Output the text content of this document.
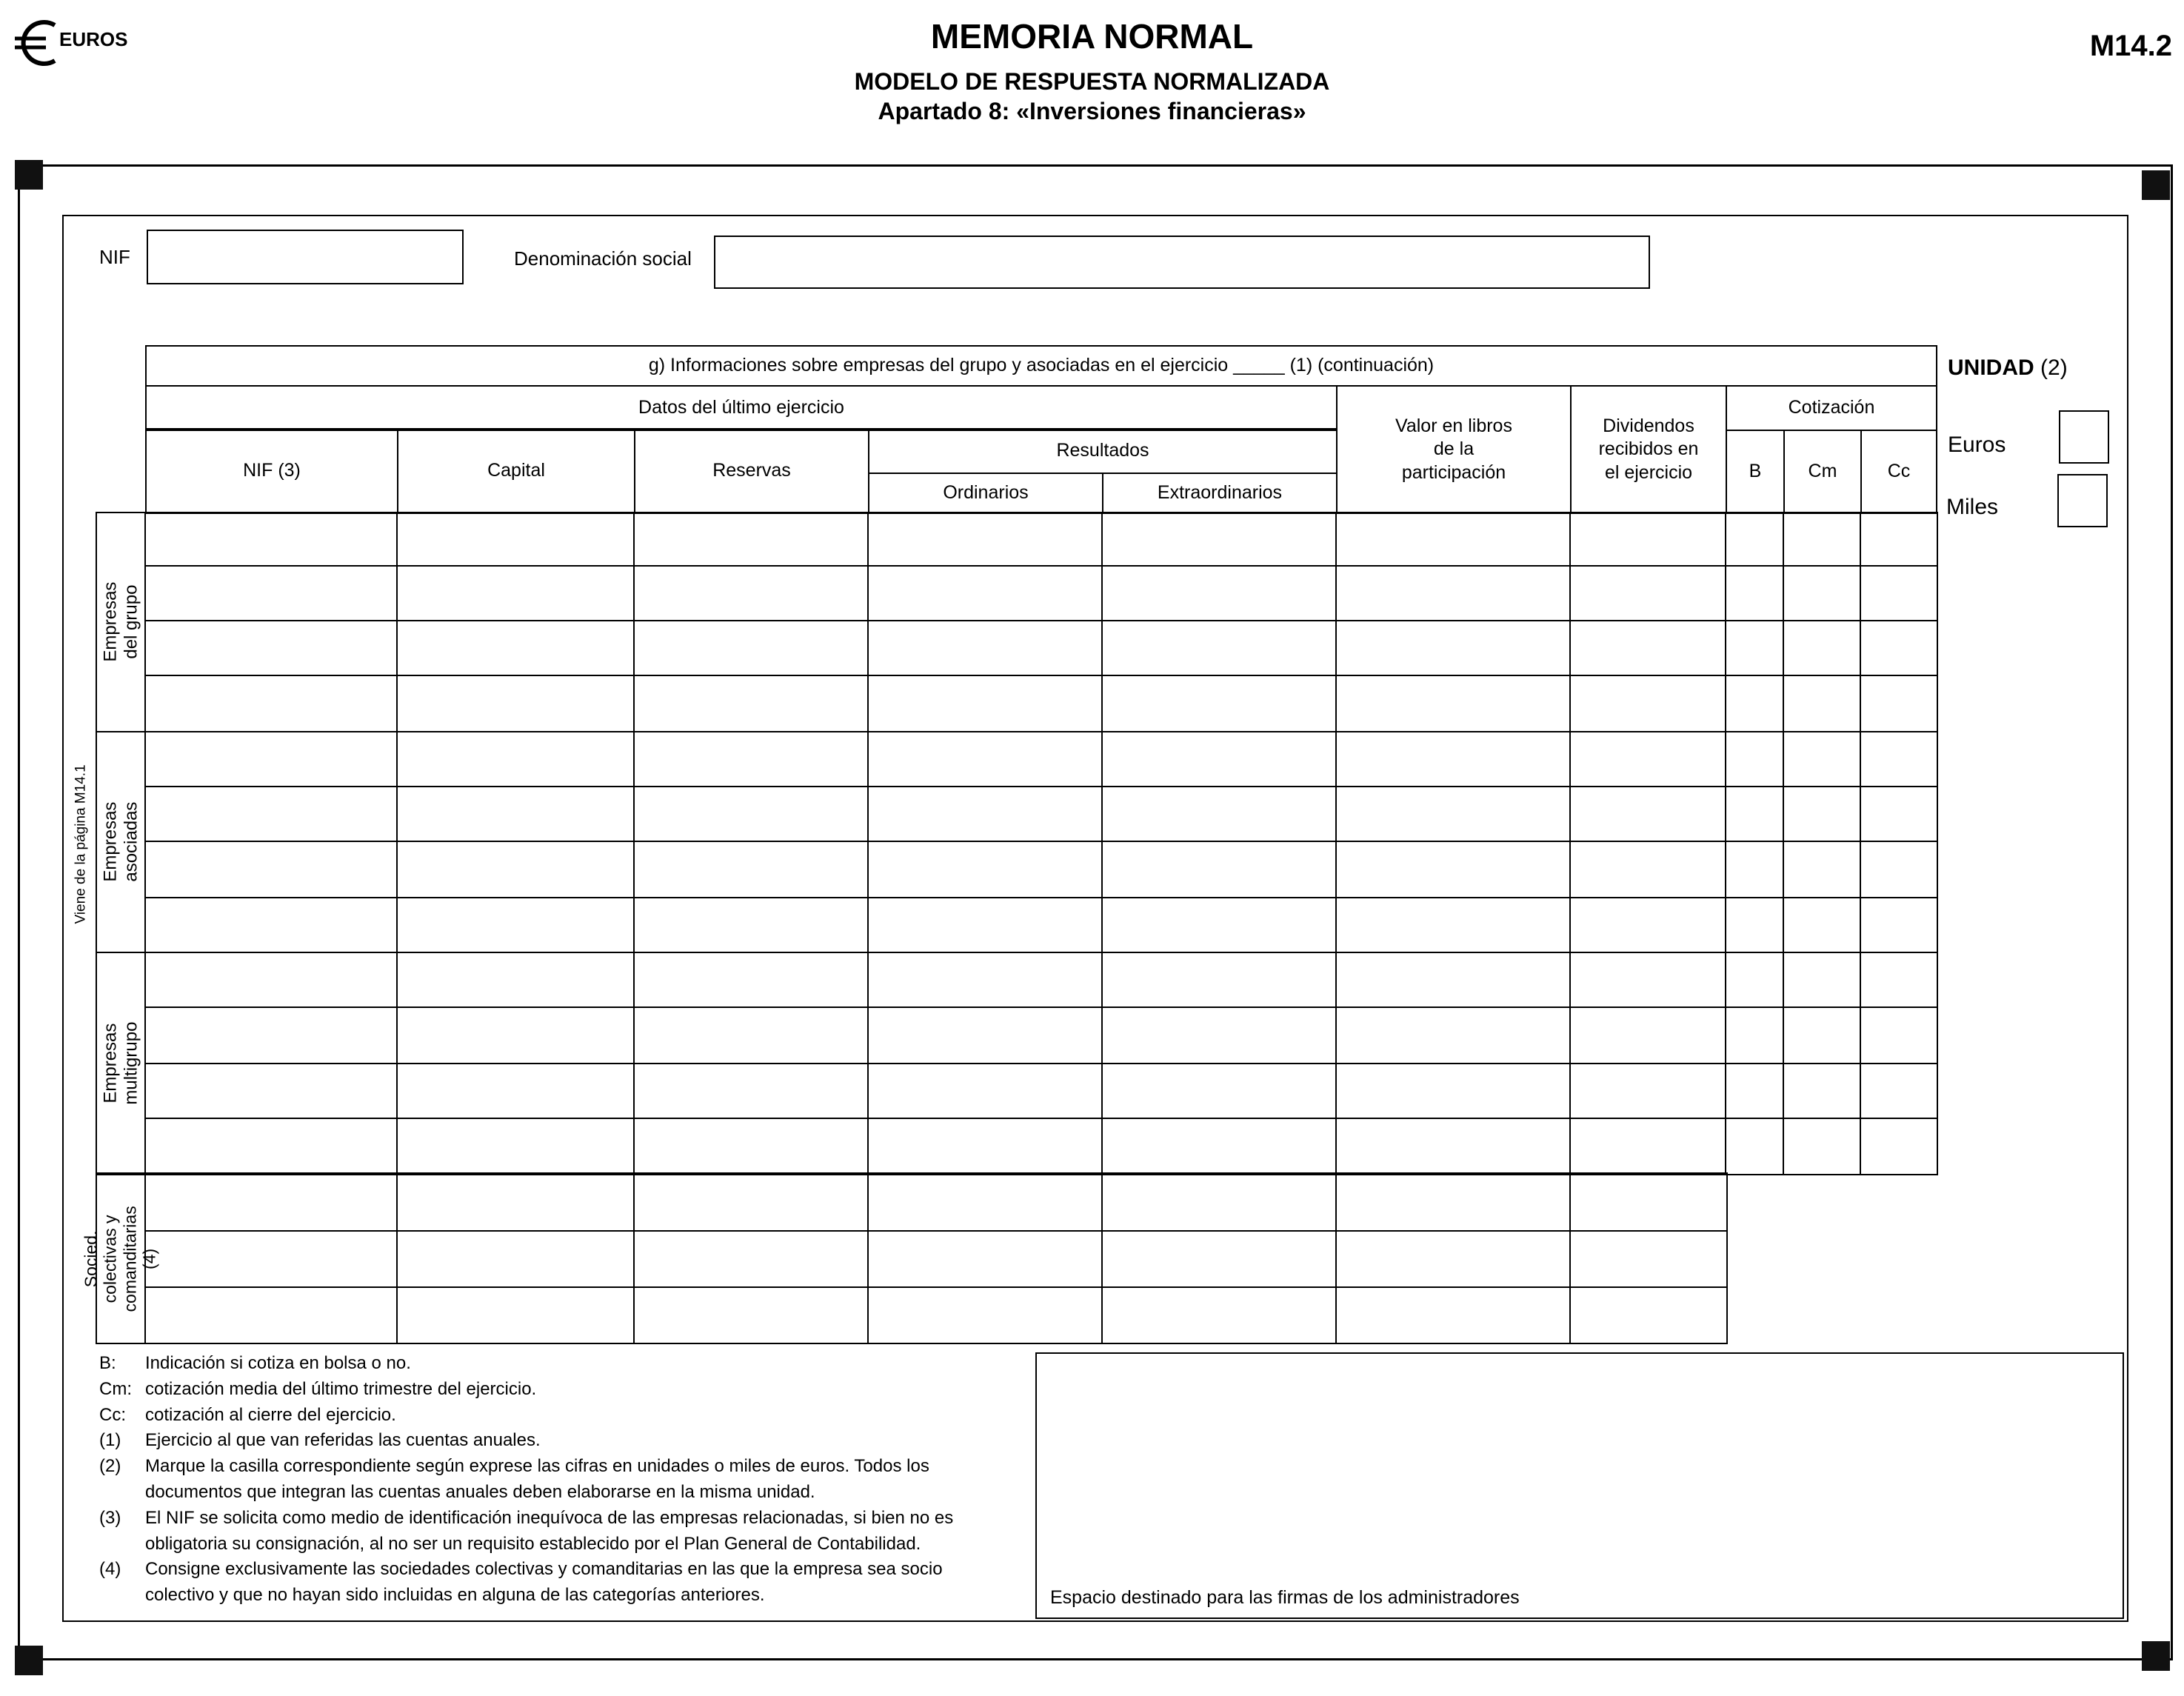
EUROS	MEMORIA NORMAL
MODELO DE RESPUESTA NORMALIZADA
Apartado 8: «Inversiones financieras»
M14.2
NIF	Denominación social
g) Informaciones sobre empresas del grupo y asociadas en el ejercicio _____ (1) (continuación)
Datos del último ejercicio
NIF (3)	Capital	Reservas
Resultados
Ordinarios	Extraordinarios
Valor en libros de la participación
Dividendos recibidos en el ejercicio
Cotización
B	Cm	Cc
Empresas del grupo
Empresas asociadas
Empresas multigrupo
Socied. colectivas y comanditarias (4)
Viene de la página M14.1
UNIDAD (2)
Euros
Miles
B:	Indicación si cotiza en bolsa o no.
Cm: cotización media del último trimestre del ejercicio.
Cc:	cotización al cierre del ejercicio.
(1)	Ejercicio al que van referidas las cuentas anuales.
(2)	Marque la casilla correspondiente según exprese las cifras en unidades o miles de euros. Todos los documentos que integran las cuentas anuales deben elaborarse en la misma unidad.
(3)	El NIF se solicita como medio de identificación inequívoca de las empresas relacionadas, si bien no es obligatoria su consignación, al no ser un requisito establecido por el Plan General de Contabilidad.
(4)	Consigne exclusivamente las sociedades colectivas y comanditarias en las que la empresa sea socio colectivo y que no hayan sido incluidas en alguna de las categorías anteriores.	Espacio destinado para las firmas de los administradores
